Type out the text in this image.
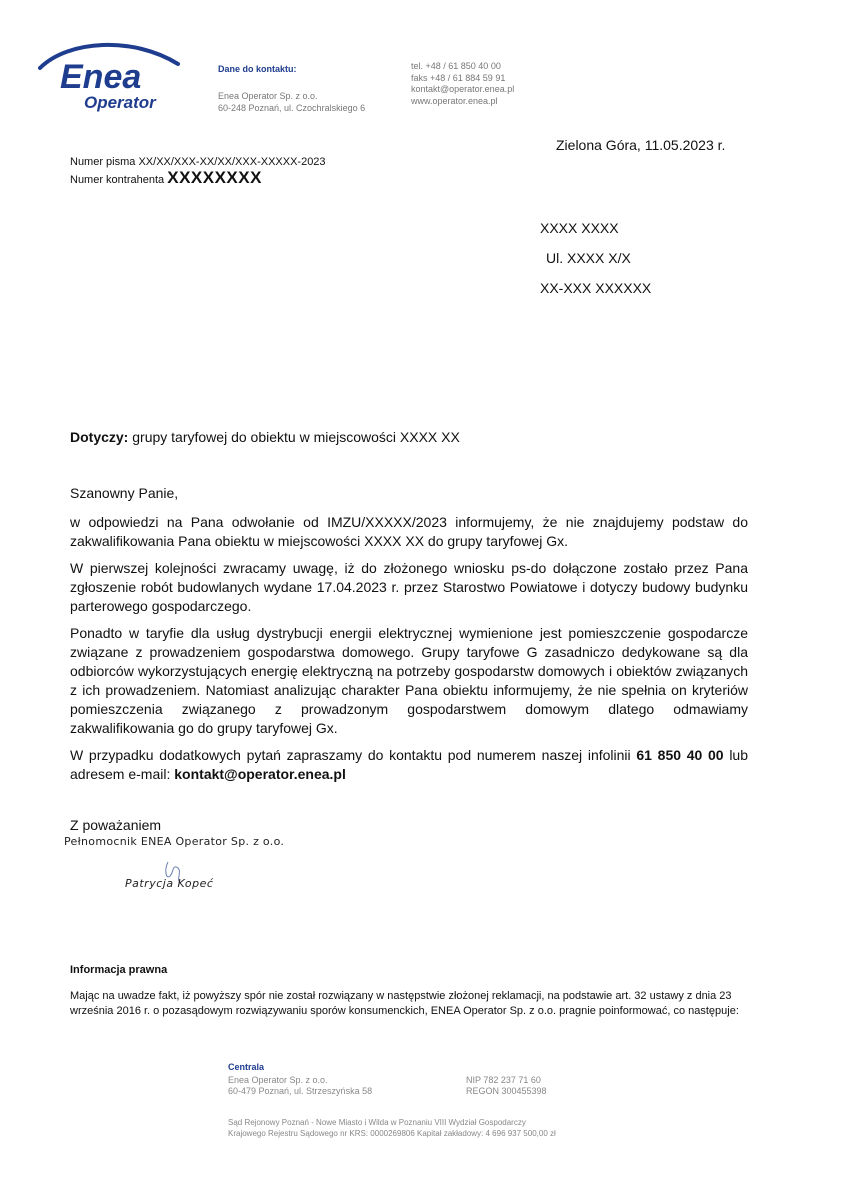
Enea
Operator
Dane do kontaktu:
Enea Operator Sp. z o.o.
60-248 Poznań, ul. Czochralskiego 6
tel. +48 / 61 850 40 00
faks +48 / 61 884 59 91
kontakt@operator.enea.pl
www.operator.enea.pl
Zielona Góra, 11.05.2023 r.
Numer pisma XX/XX/XXX-XX/XX/XXX-XXXXX-2023
Numer kontrahenta XXXXXXXX
XXXX XXXX
Ul. XXXX X/X
XX-XXX XXXXXX
Dotyczy: grupy taryfowej do obiektu w miejscowości XXXX XX

Szanowny Panie,

w odpowiedzi na Pana odwołanie od IMZU/XXXXX/2023 informujemy, że nie znajdujemy podstaw do zakwalifikowania Pana obiektu w miejscowości XXXX XX do grupy taryfowej Gx.

W pierwszej kolejności zwracamy uwagę, iż do złożonego wniosku ps-do dołączone zostało przez Pana zgłoszenie robót budowlanych wydane 17.04.2023 r. przez Starostwo Powiatowe i dotyczy budowy budynku parterowego gospodarczego.

Ponadto w taryfie dla usług dystrybucji energii elektrycznej wymienione jest pomieszczenie gospodarcze związane z prowadzeniem gospodarstwa domowego. Grupy taryfowe G zasadniczo dedykowane są dla odbiorców wykorzystujących energię elektryczną na potrzeby gospodarstw domowych i obiektów związanych z ich prowadzeniem. Natomiast analizując charakter Pana obiektu informujemy, że nie spełnia on kryteriów pomieszczenia związanego z prowadzonym gospodarstwem domowym dlatego odmawiamy zakwalifikowania go do grupy taryfowej Gx.

W przypadku dodatkowych pytań zapraszamy do kontaktu pod numerem naszej infolinii 61 850 40 00 lub adresem e-mail: kontakt@operator.enea.pl

Z poważaniem
Pełnomocnik ENEA Operator Sp. z o.o.
Patrycja Kopeć
Informacja prawna
Mając na uwadze fakt, iż powyższy spór nie został rozwiązany w następstwie złożonej reklamacji, na podstawie art. 32 ustawy z dnia 23 września 2016 r. o pozasądowym rozwiązywaniu sporów konsumenckich, ENEA Operator Sp. z o.o. pragnie poinformować, co następuje:
Centrala
Enea Operator Sp. z o.o.
60-479 Poznań, ul. Strzeszyńska 58
NIP 782 237 71 60
REGON 300455398
Sąd Rejonowy Poznań - Nowe Miasto i Wilda w Poznaniu VIII Wydział Gospodarczy
Krajowego Rejestru Sądowego nr KRS: 0000269806 Kapitał zakładowy: 4 696 937 500,00 zł
